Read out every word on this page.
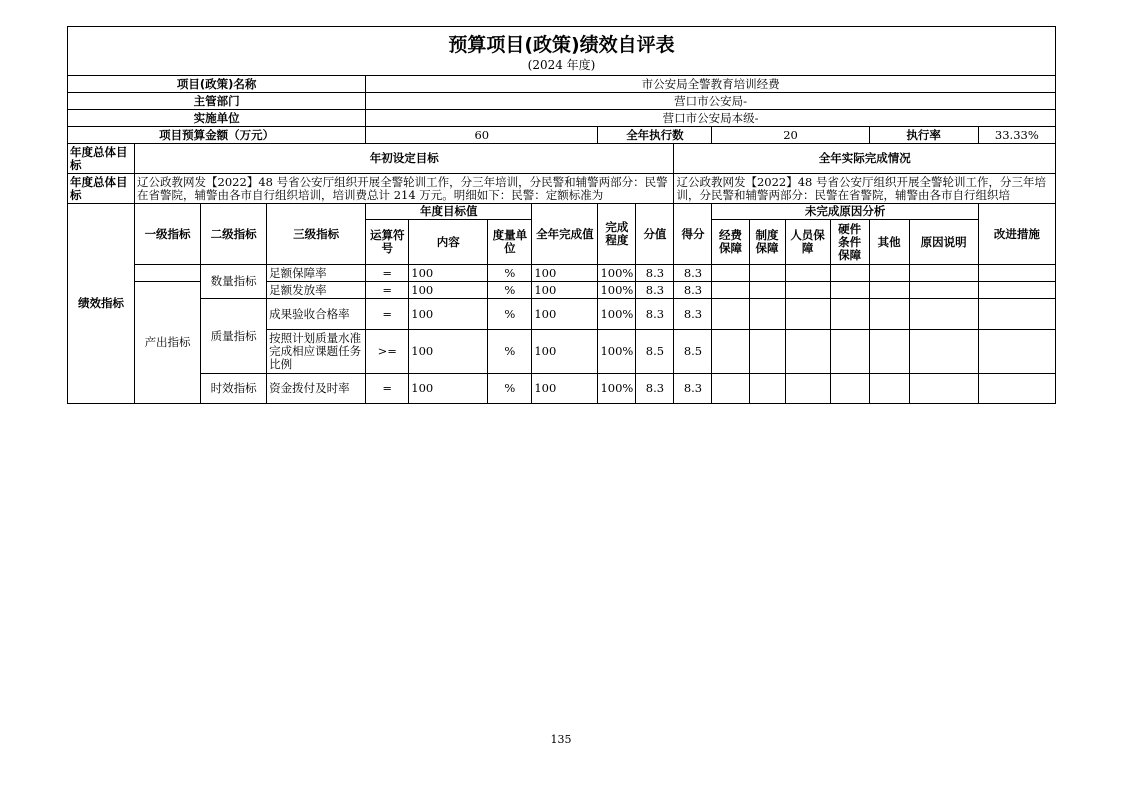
预算项目(政策)绩效自评表
(2024 年度)																	

项目(政策)名称				市公安局全警教育培训经费													
主管部门				营口市公安局-													
实施单位				营口市公安局本级-													
项目预算金额（万元）				60				全年执行数			20				执行率		33.33%

年度总体目标	年初设定目标									全年实际完成情况							

年度总体目标	辽公政教网发【2022】48 号省公安厅组织开展全警轮训工作，分三年培训，分民警和辅警两部分：民警在省警院，辅警由各市自行组织培训，培训费总计 214 万元。明细如下：民警：定额标准为									辽公政教网发【2022】48 号省公安厅组织开展全警轮训工作，分三年培训，分民警和辅警两部分：民警在省警院，辅警由各市自行组织培							

绩效指标	一级指标	二级指标	三级指标	年度目标值			全年完成值	完成程度	分值	得分	未完成原因分析						改进措施
				运算符号	内容	度量单位					经费保障	制度保障	人员保障	硬件条件保障	其他	原因说明	
		数量指标	足额保障率	=	100	%	100	100%	8.3	8.3							
	产出指标		足额发放率	=	100	%	100	100%	8.3	8.3							
		质量指标	成果验收合格率	=	100	%	100	100%	8.3	8.3							

			按照计划质量水准完成相应课题任务比例	>=	100	%	100	100%	8.5	8.5							
		时效指标	资金拨付及时率	=	100	%	100	100%	8.3	8.3							
135
